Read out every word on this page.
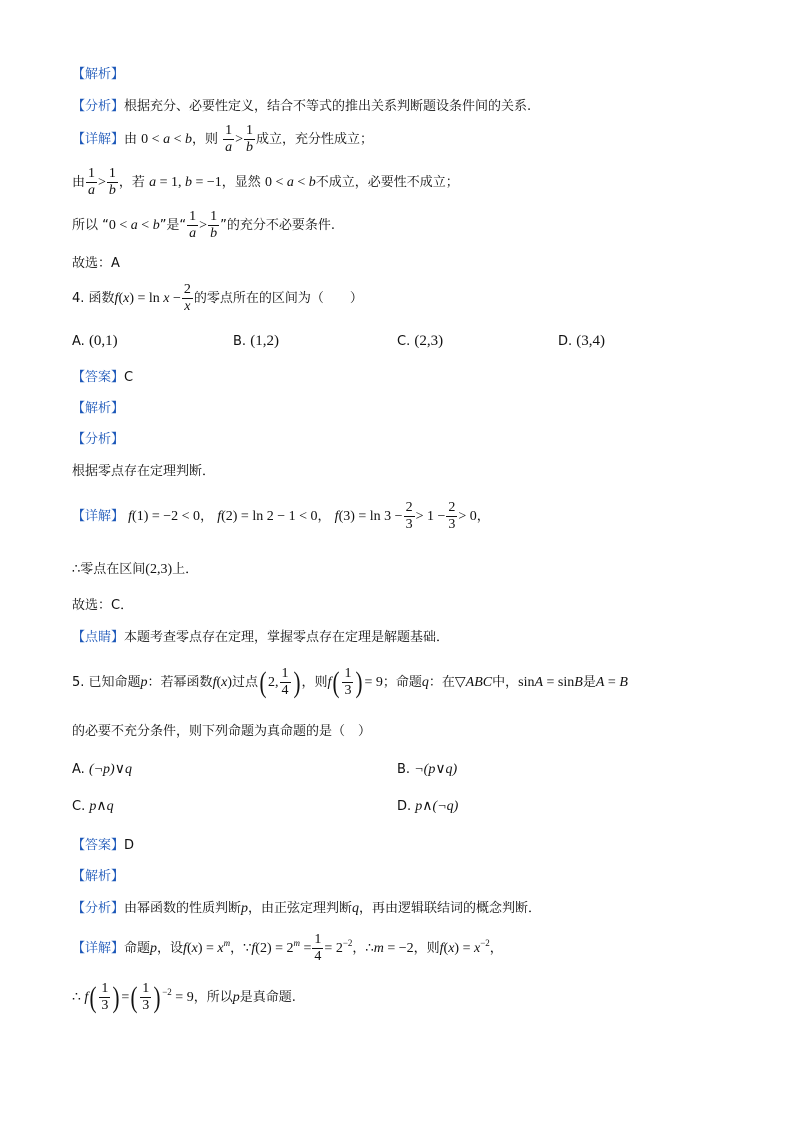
【解析】
【分析】根据充分、必要性定义，结合不等式的推出关系判断题设条件间的关系.
【详解】由 0 < a < b，则 $\frac{1}{a} > \frac{1}{b}$ 成立，充分性成立；
由 $\frac{1}{a} > \frac{1}{b}$ ，若 a = 1, b = −1，显然 0 < a < b不成立，必要性不成立；
所以 “0 < a < b”是“ $\frac{1}{a} > \frac{1}{b}$ ”的充分不必要条件.
故选：A
4. 函数$f(x) = \ln x - \frac{2}{x}$ 的零点所在的区间为（　　）
A. (0,1)	B. (1,2)	C. (2,3)	D. (3,4)
【答案】C
【解析】
【分析】
根据零点存在定理判断．
【详解】 f(1) = −2 < 0， f(2) = ln 2 − 1 < 0， $f(3) = \ln 3 - \frac{2}{3} > 1 - \frac{2}{3} > 0$，
∴零点在区间(2,3)上．
故选：C．
【点睛】本题考查零点存在定理，掌握零点存在定理是解题基础．
5. 已知命题p：若幂函数f(x)过点( 2, $\frac{1}{4}$ ) ，则$f( \frac{1}{3}$ ) = 9；命题q：在▽ABC中，sinA = sinB是A = B
的必要不充分条件，则下列命题为真命题的是（　）
A. (¬p)∨q	B. ¬(p∨q)
C. p∧q	D. p∧(¬q)
【答案】D
【解析】
【分析】由幂函数的性质判断p，由正弦定理判断q，再由逻辑联结词的概念判断．
【详解】命题p，设$f(x) = x^m$，∵f(2) = $2^m = \frac{1}{4} = 2^{-2}$，∴m = −2，则$f(x) = x^{-2}$，
∴ $f( \frac{1}{3}$ ) =( $\frac{1}{3}$ ) $^{-2}$ = 9，所以p是真命题.
